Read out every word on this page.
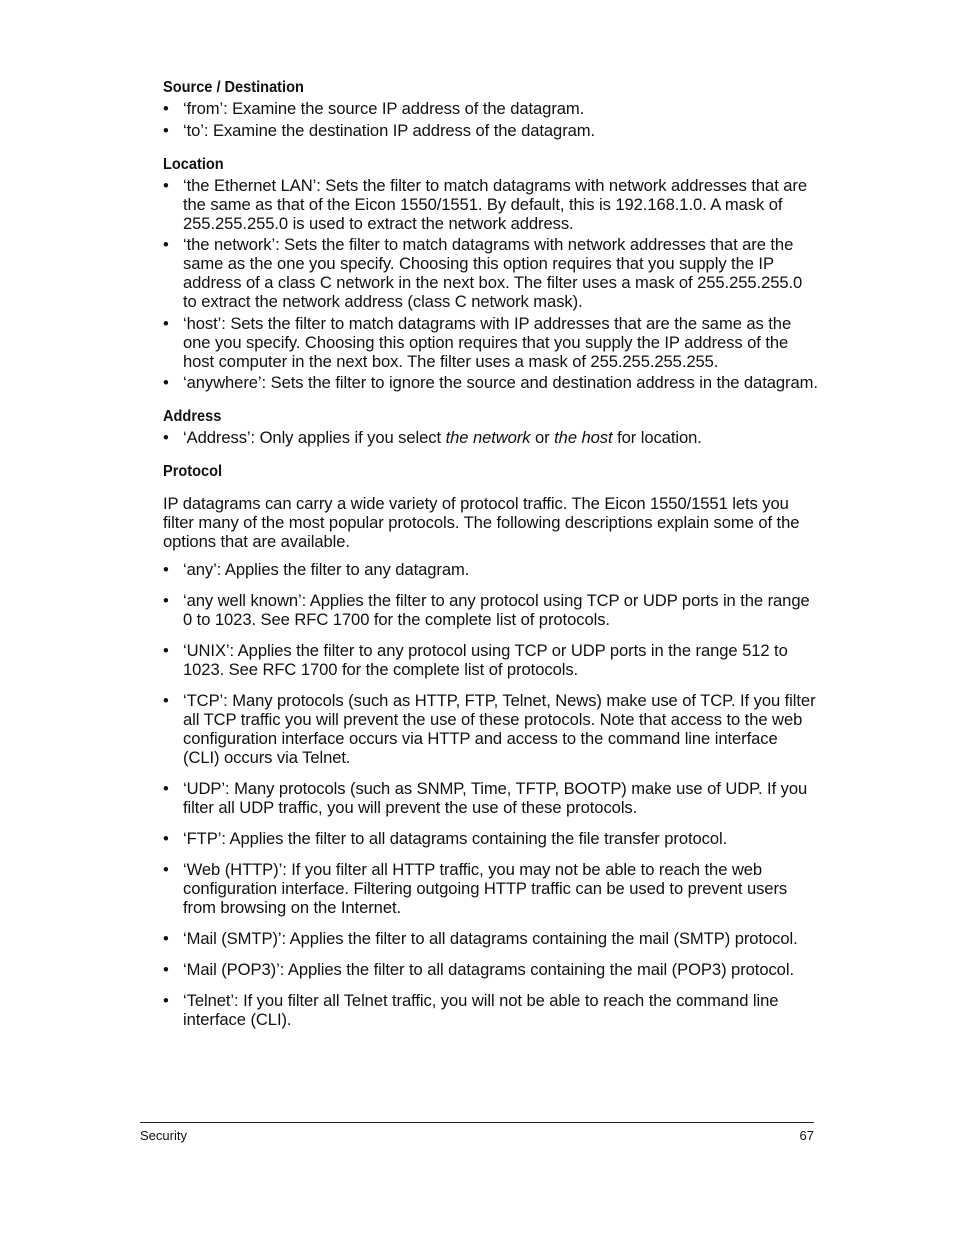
Source / Destination
• ‘from’: Examine the source IP address of the datagram.
• ‘to’: Examine the destination IP address of the datagram.
Location
• ‘the Ethernet LAN’: Sets the filter to match datagrams with network addresses that are the same as that of the Eicon 1550/1551. By default, this is 192.168.1.0. A mask of 255.255.255.0 is used to extract the network address.
• ‘the network’: Sets the filter to match datagrams with network addresses that are the same as the one you specify. Choosing this option requires that you supply the IP address of a class C network in the next box. The filter uses a mask of 255.255.255.0 to extract the network address (class C network mask).
• ‘host’: Sets the filter to match datagrams with IP addresses that are the same as the one you specify. Choosing this option requires that you supply the IP address of the host computer in the next box. The filter uses a mask of 255.255.255.255.
• ‘anywhere’: Sets the filter to ignore the source and destination address in the datagram.
Address
• ‘Address’: Only applies if you select the network or the host for location.
Protocol

IP datagrams can carry a wide variety of protocol traffic. The Eicon 1550/1551 lets you filter many of the most popular protocols. The following descriptions explain some of the options that are available.

• ‘any’: Applies the filter to any datagram.
• ‘any well known’: Applies the filter to any protocol using TCP or UDP ports in the range 0 to 1023. See RFC 1700 for the complete list of protocols.
• ‘UNIX’: Applies the filter to any protocol using TCP or UDP ports in the range 512 to 1023. See RFC 1700 for the complete list of protocols.
• ‘TCP’: Many protocols (such as HTTP, FTP, Telnet, News) make use of TCP. If you filter all TCP traffic you will prevent the use of these protocols. Note that access to the web configuration interface occurs via HTTP and access to the command line interface (CLI) occurs via Telnet.
• ‘UDP’: Many protocols (such as SNMP, Time, TFTP, BOOTP) make use of UDP. If you filter all UDP traffic, you will prevent the use of these protocols.
• ‘FTP’: Applies the filter to all datagrams containing the file transfer protocol.
• ‘Web (HTTP)’: If you filter all HTTP traffic, you may not be able to reach the web configuration interface. Filtering outgoing HTTP traffic can be used to prevent users from browsing on the Internet.
• ‘Mail (SMTP)’: Applies the filter to all datagrams containing the mail (SMTP) protocol.
• ‘Mail (POP3)’: Applies the filter to all datagrams containing the mail (POP3) protocol.
• ‘Telnet’: If you filter all Telnet traffic, you will not be able to reach the command line interface (CLI).
Security	67
